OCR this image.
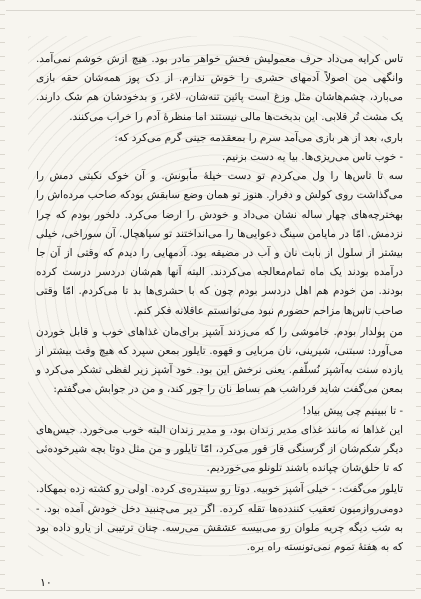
تاس کرایه می‌داد حرف معمولیش فحش خواهر مادر بود. هیچ ازش خوشم نمی‌آمد. وانگهی من اصولاً آدمهای حشری را خوش ندارم. از دک پوز همه‌شان حقه بازی می‌بارد، چشم‌هاشان مثل وزغ است پائین تنه‌شان، لاغر، و بدخودشان هم شک دارند. یک مشت تُر قلابی. این بدبخت‌ها مالی نیستند اما منظرهٔ آدم را خراب می‌کنند.

باری، بعد از هر بازی می‌آمد سرم را بمعقدمه جینی گرم می‌کرد که:

- خوب تاس می‌ریزی‌ها. بیا یه دست بزنیم.

سه تا تاس‌ها را ول می‌کردم تو دست خیلهٔ مأبونش. و آن خوک نکبتی دمش را می‌گذاشت روی کولش و دفرار. هنوز تو همان وضع سابقش بودکه صاحب مرده‌اش را بهخترچه‌های چهار ساله نشان می‌داد و خودش را ارضا می‌کرد. دلخور بودم که چرا نزدمش. امّا در مایامن سینگ دعوایی‌ها را می‌انداختند تو سیاهچال. آن سوراخی، خیلی بیشتر از سلول از بابت نان و آب در مضیقه بود. آدمهایی را دیدم که وقتی از آن جا درآمده بودند یک ماه تمام‌معالجه می‌کردند. البته آنها هم‌شان دردسر درست کرده بودند. من خودم هم اهل دردسر بودم چون که با حشری‌ها بد تا می‌کردم. امّا وقتی صاحب تاس‌ها مزاحم حضورم نبود می‌توانستم عاقلانه فکر کنم.

من پولدار بودم. خاموشی را که می‌زدند آشپز برای‌مان غذاهای خوب و قابل خوردن می‌آورد: سبتنی، شیرینی، نان مربایی و قهوه. تایلور بمعن سپرد که هیچ وقت بیشتر از یازده سنت به‌آشپز نُسلّفم. یعنی نرخش این بود. خود آشپز زیر لفظی تشکر می‌کرد و بمعن می‌گفت شاید فردا‌شب هم بساط نان را جور کند، و من در جوابش می‌گفتم:

- تا ببینیم چی پیش بیاد!

این غذاها نه مانند غذای مدیر زندان بود، و مدیر زندان البته خوب می‌خورد. جیس‌های دیگر شکم‌شان از گرسنگی قار قور می‌کرد، امّا تایلور و من مثل دوتا بچه شیرخوده‌ئی که تا حلق‌شان چپانده باشند تلونلو می‌خوردیم.

تایلور می‌گفت: - خیلی آشپز خوبیه. دوتا رو سیندره‌ی کرده. اولی رو کشته زده بمهکاد. دومی‌رو‌ازمیون تعقیب کنندده‌ها تقله کرده. اگر دیر می‌چنبید دخل خودش آمده بود. - به شب دیگه چریه ملوان رو می‌بیسه عشقش می‌رسه. چنان ترتیبی از یارو داده بود که به هفتهٔ تموم نمی‌تونسته راه بره.

۱۰
